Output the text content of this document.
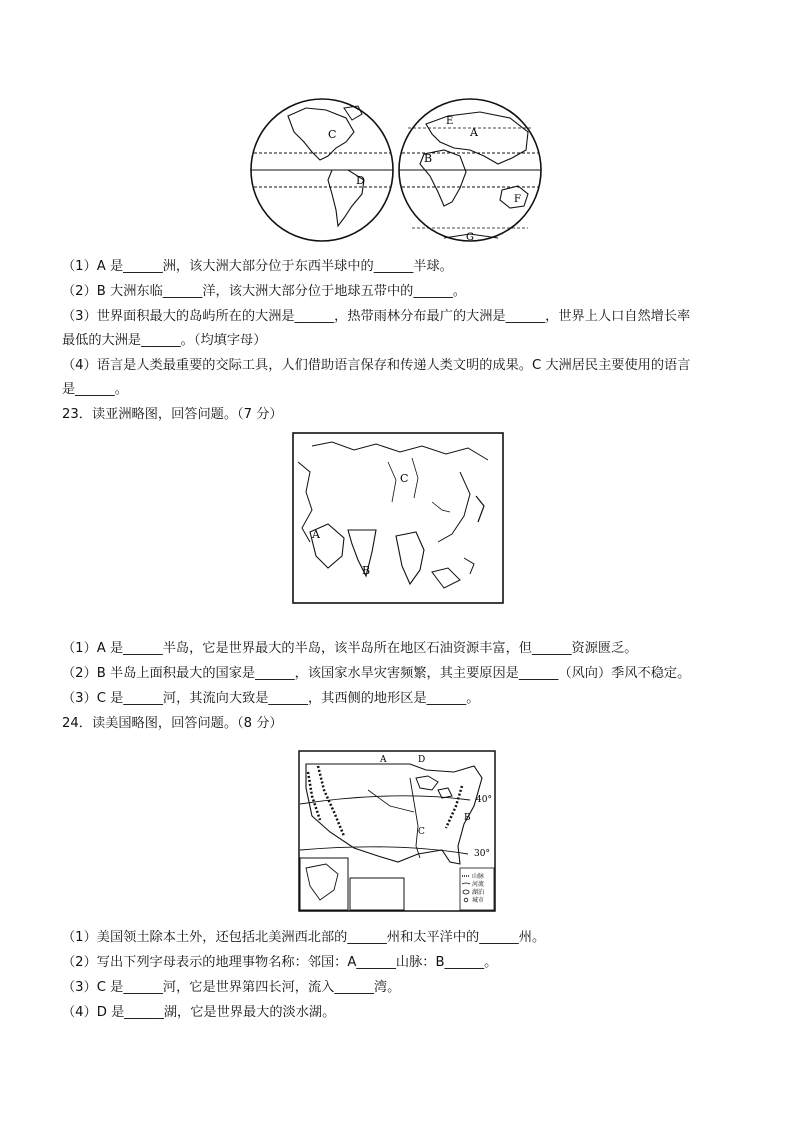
C
D
A
B
E
F
G
（1）A 是______洲，该大洲大部分位于东西半球中的______半球。
（2）B 大洲东临______洋，该大洲大部分位于地球五带中的______。
（3）世界面积最大的岛屿所在的大洲是______，热带雨林分布最广的大洲是______，世界上人口自然增长率
最低的大洲是______。（均填字母）
（4）语言是人类最重要的交际工具，人们借助语言保存和传递人类文明的成果。C 大洲居民主要使用的语言
是______。
23．读亚洲略图，回答问题。（7 分）
A
B
C
（1）A 是______半岛，它是世界最大的半岛，该半岛所在地区石油资源丰富，但______资源匮乏。
（2）B 半岛上面积最大的国家是______，该国家水旱灾害频繁，其主要原因是______（风向）季风不稳定。
（3）C 是______河，其流向大致是______，其西侧的地形区是______。
24．读美国略图，回答问题。（8 分）
山脉
河流
湖泊
城市
A	D
B
C
40°
30°
（1）美国领土除本土外，还包括北美洲西北部的______州和太平洋中的______州。
（2）写出下列字母表示的地理事物名称：邻国：A______山脉：B______。
（3）C 是______河，它是世界第四长河，流入______湾。
（4）D 是______湖，它是世界最大的淡水湖。
